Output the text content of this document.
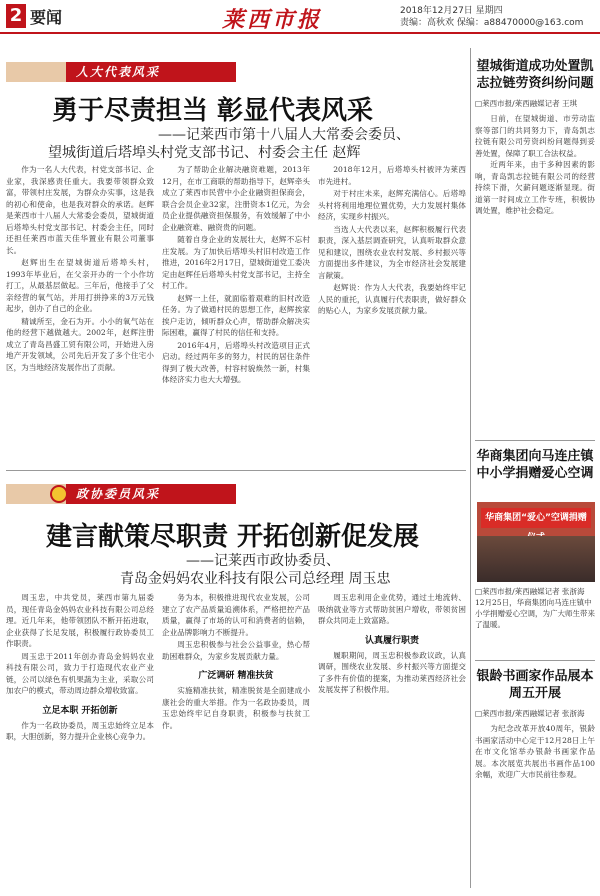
2 要闻	莱西市报	2018年12月27日 星期四
责编：高秋欢 保编：a88470000@163.com
人大代表风采
勇于尽责担当 彰显代表风采
——记莱西市第十八届人大常委会委员、
望城街道后塔埠头村党支部书记、村委会主任 赵辉

作为一名人大代表，村党支部书记、企业家，我深感责任重大。我要带领群众致富，带领村庄发展，为群众办实事，这是我的初心和使命，也是我对群众的承诺。赵辉是莱西市十八届人大常委会委员，望城街道后塔埠头村党支部书记、村委会主任，同时还担任莱西市蓝天佳华置业有限公司董事长。

赵辉出生在望城街道后塔埠头村，1993年毕业后，在父亲开办的一个小作坊打工，从最基层做起。三年后，他接手了父亲经营的氧气站，并用打拼挣来的3万元钱起步，创办了自己的企业。

精诚所至，金石为开。小小的氧气站在他的经营下越做越大。2002年，赵辉注册成立了青岛昌盛工贸有限公司，开始进入房地产开发领域，公司先后开发了多个住宅小区，为当地经济发展作出了贡献。

为了帮助企业解决融资难题，2013年12月，在市工商联的帮助指导下，赵辉牵头成立了莱西市民营中小企业融资担保商会，联合会员企业32家，注册资本1亿元，为会员企业提供融资担保服务，有效缓解了中小企业融资难、融资贵的问题。

随着自身企业的发展壮大，赵辉不忘村庄发展。为了加快后塔埠头村旧村改造工作推进，2016年2月17日，望城街道党工委决定由赵辉任后塔埠头村党支部书记，主持全村工作。

赵辉一上任，就面临着艰难的旧村改造任务。为了做通村民的思想工作，赵辉挨家挨户走访，倾听群众心声，帮助群众解决实际困难，赢得了村民的信任和支持。

2016年4月，后塔埠头村改造项目正式启动。经过两年多的努力，村民的居住条件得到了极大改善，村容村貌焕然一新，村集体经济实力也大大增强。

2018年12月，后塔埠头村被评为莱西市先进村。

对于村庄未来，赵辉充满信心。后塔埠头村将利用地理位置优势，大力发展村集体经济，实现乡村振兴。

当选人大代表以来，赵辉积极履行代表职责，深入基层调查研究，认真听取群众意见和建议，围绕农业农村发展、乡村振兴等方面提出多件建议，为全市经济社会发展建言献策。

赵辉说：作为人大代表，我要始终牢记人民的重托，认真履行代表职责，做好群众的贴心人，为家乡发展贡献力量。

政协委员风采
建言献策尽职责 开拓创新促发展
——记莱西市政协委员、
青岛金妈妈农业科技有限公司总经理 周玉忠

周玉忠，中共党员，莱西市第九届委员，现任青岛金妈妈农业科技有限公司总经理。近几年来，他带领团队不断开拓进取，企业获得了长足发展，积极履行政协委员工作职责。

周玉忠于2011年创办青岛金妈妈农业科技有限公司，致力于打造现代农业产业链，公司以绿色有机果蔬为主业，采取公司加农户的模式，带动周边群众增收致富。

立足本职 开拓创新

作为一名政协委员，周玉忠始终立足本职，大胆创新，努力提升企业核心竞争力。

务为本，积极推进现代农业发展，公司建立了农产品质量追溯体系，严格把控产品质量，赢得了市场的认可和消费者的信赖，企业品牌影响力不断提升。

周玉忠积极参与社会公益事业，热心帮助困难群众，为家乡发展贡献力量。

广泛调研 精准扶贫

实施精准扶贫，精准脱贫是全面建成小康社会的重大举措。作为一名政协委员，周玉忠始终牢记自身职责，积极参与扶贫工作。

周玉忠利用企业优势，通过土地流转、吸纳就业等方式帮助贫困户增收，带领贫困群众共同走上致富路。

认真履行职责

履职期间，周玉忠积极参政议政，认真调研，围绕农业发展、乡村振兴等方面提交了多件有价值的提案，为推动莱西经济社会发展发挥了积极作用。

望城街道成功处置凯志拉链劳资纠纷问题
□莱西市报/莱西融媒记者 王琪

日前，在望城街道、市劳动监察等部门的共同努力下，青岛凯志拉链有限公司劳资纠纷问题得到妥善处置，保障了职工合法权益。

近两年来，由于多种因素的影响，青岛凯志拉链有限公司的经营持续下滑，欠薪问题逐渐显现。街道第一时间成立工作专班，积极协调处置，维护社会稳定。

华商集团向马连庄镇中小学捐赠爱心空调
华商集团“爱心”空调捐赠
□莱西市报/莱西融媒记者 张浙海
12月25日，华商集团向马连庄镇中小学捐赠爱心空调，为广大师生带来了温暖。
银龄书画家作品展本周五开展
□莱西市报/莱西融媒记者 张浙海

为纪念改革开放40周年，银龄书画家活动中心定于12月28日上午在市文化馆举办银龄书画家作品展。本次展览共展出书画作品100余幅，欢迎广大市民前往参观。
